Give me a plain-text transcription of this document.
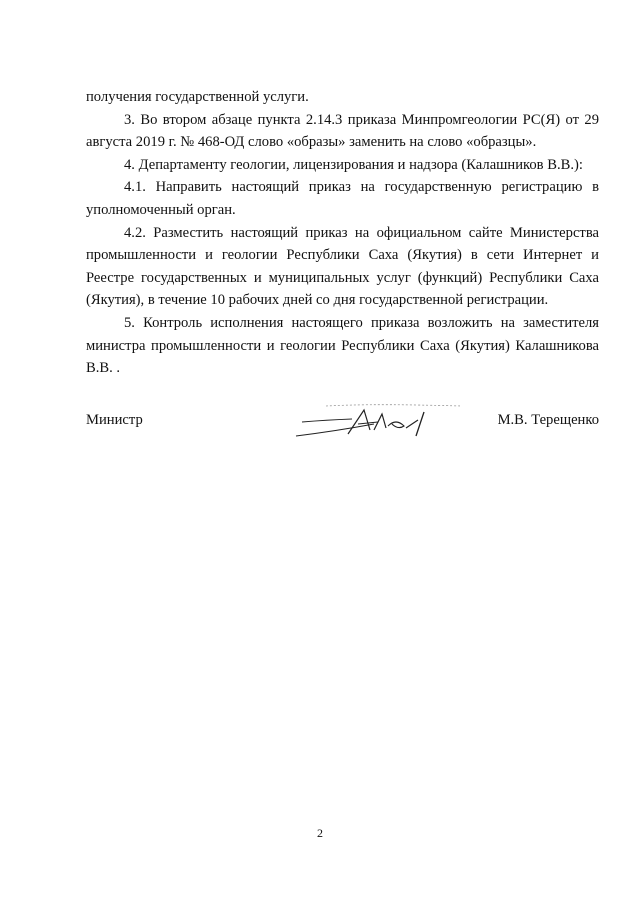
получения государственной услуги.

3. Во втором абзаце пункта 2.14.3 приказа Минпромгеологии РС(Я) от 29 августа 2019 г. № 468-ОД слово «образы» заменить на слово «образцы».

4. Департаменту геологии, лицензирования и надзора (Калашников В.В.):

4.1. Направить настоящий приказ на государственную регистрацию в уполномоченный орган.

4.2. Разместить настоящий приказ на официальном сайте Министерства промышленности и геологии Республики Саха (Якутия) в сети Интернет и Реестре государственных и муниципальных услуг (функций) Республики Саха (Якутия), в течение 10 рабочих дней со дня государственной регистрации.

5. Контроль исполнения настоящего приказа возложить на заместителя министра промышленности и геологии Республики Саха (Якутия) Калашникова В.В. .

Министр	М.В. Терещенко
2
